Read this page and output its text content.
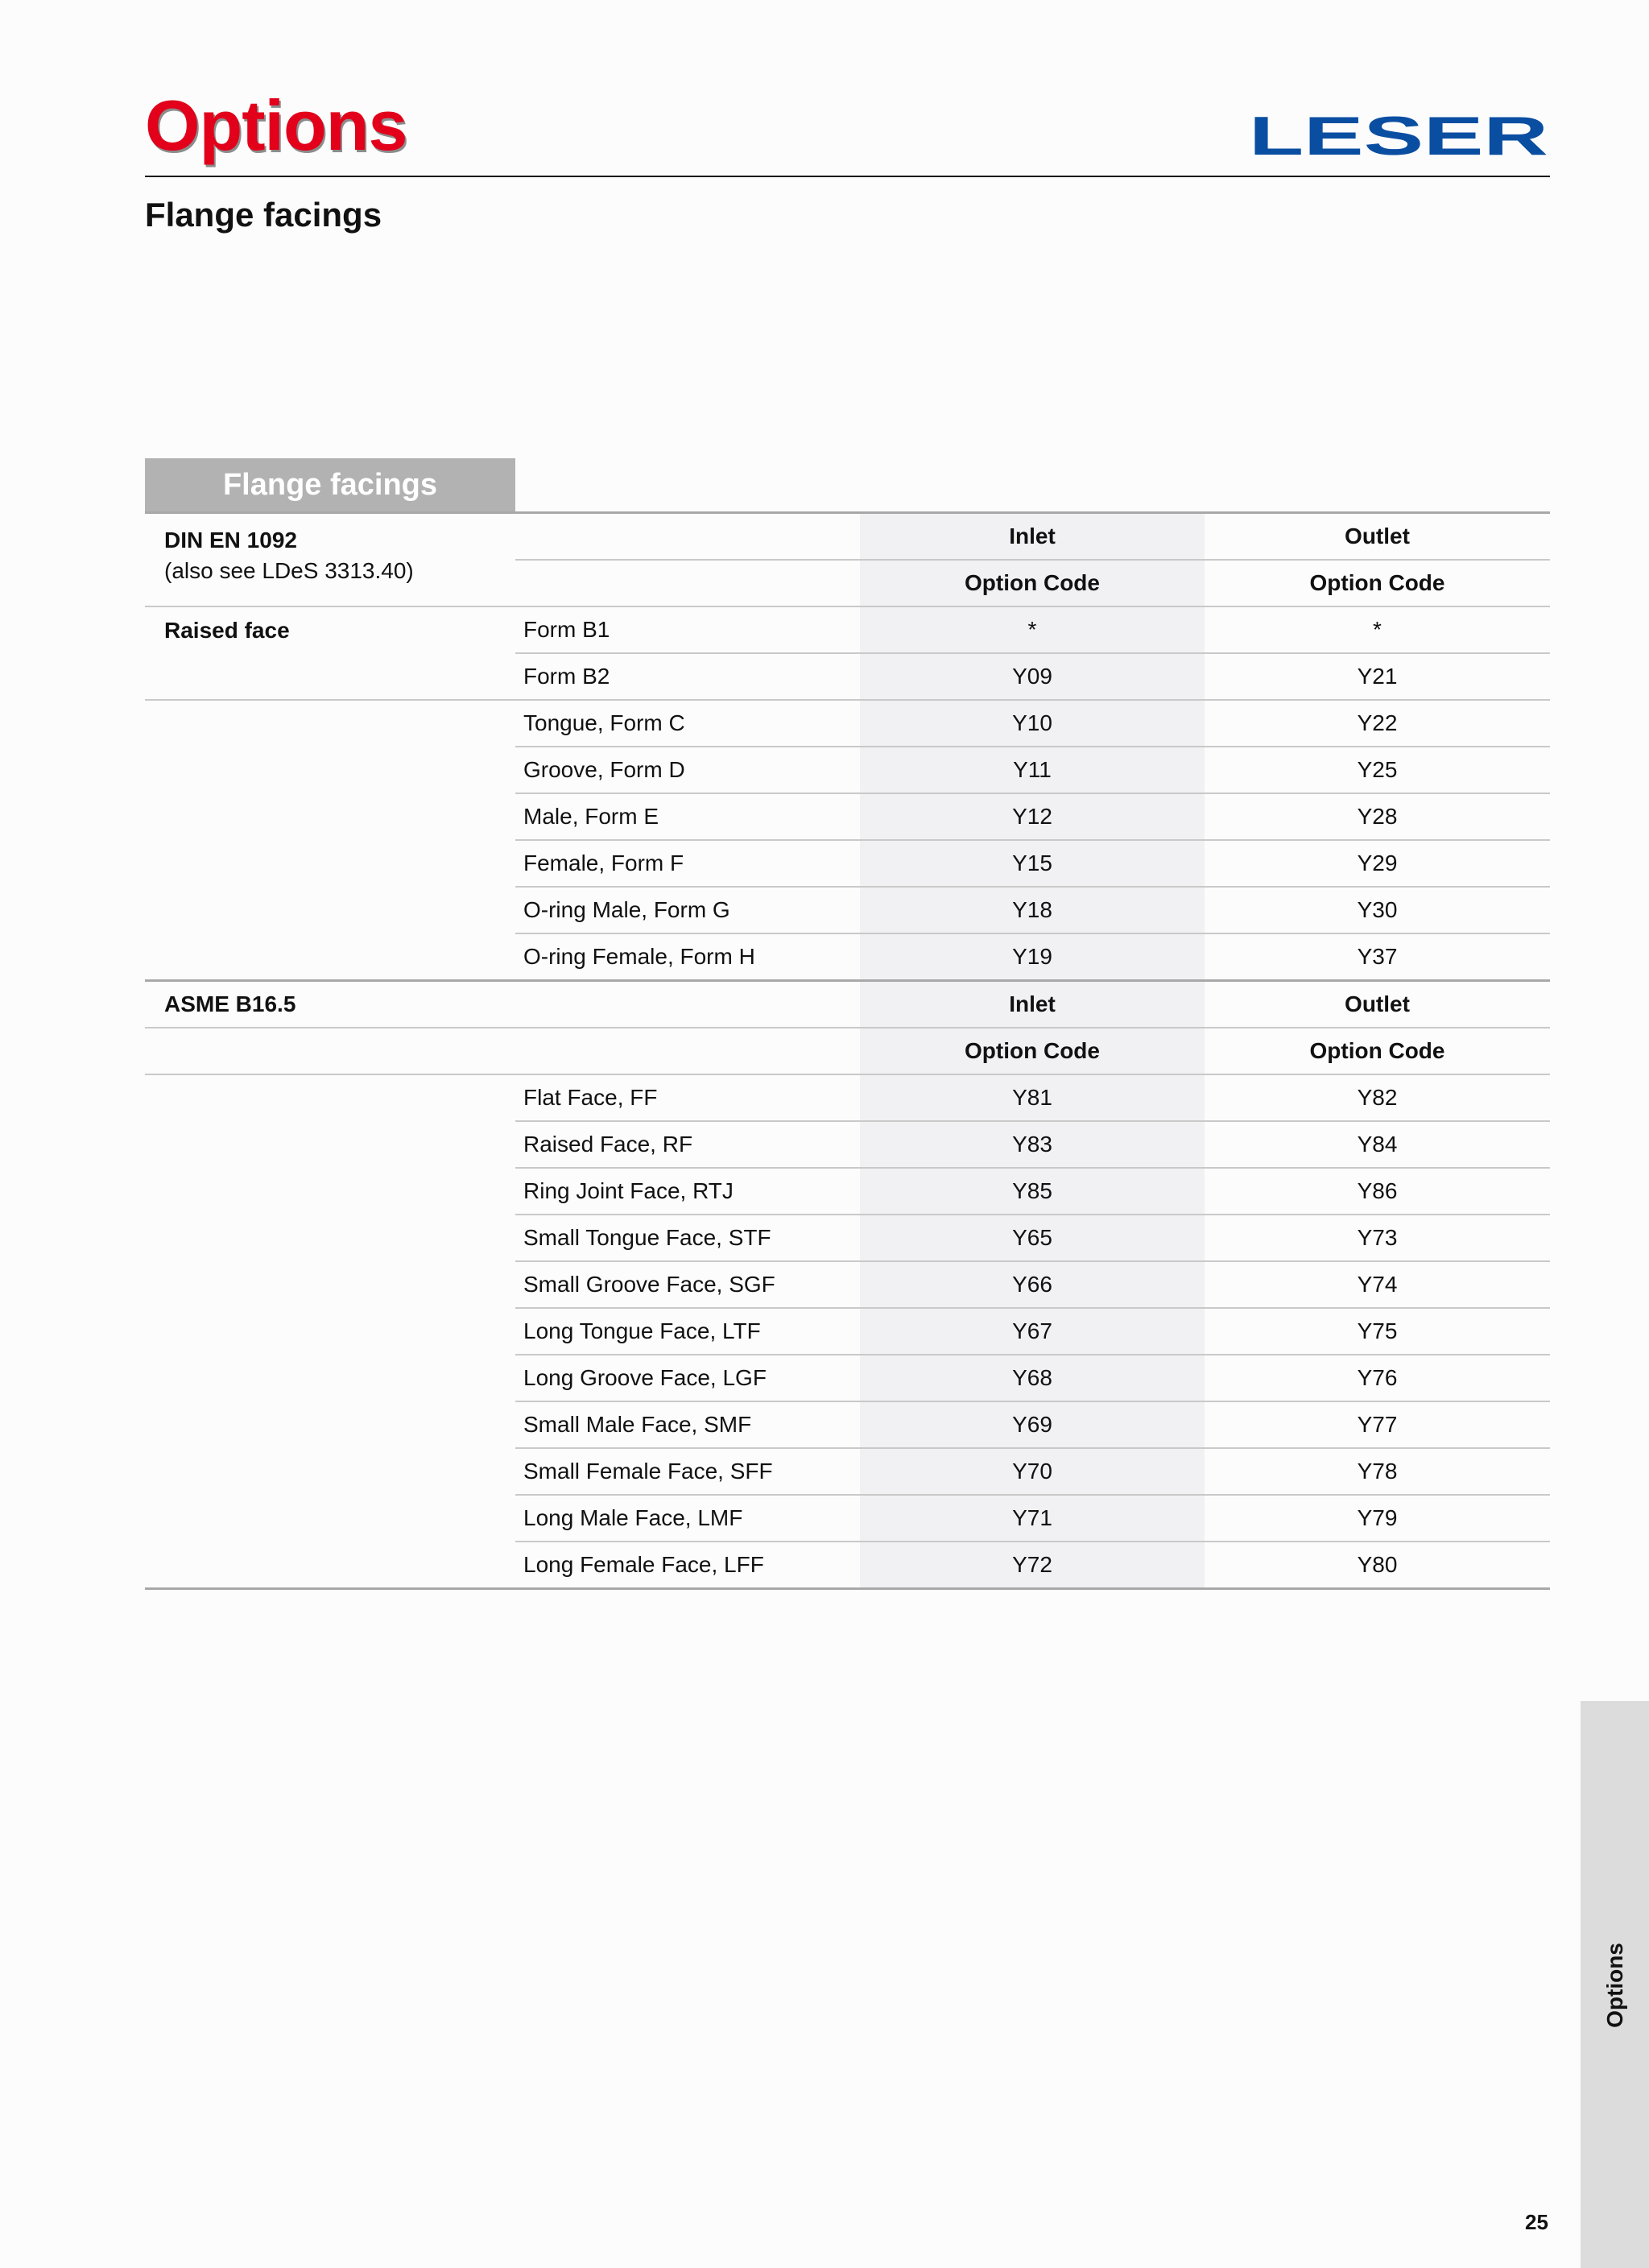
Options	LESER
Flange facings
Flange facings
DIN EN 1092
(also see LDeS 3313.40)		Inlet	Outlet
		Option Code	Option Code
Raised face	Form B1	*	*
	Form B2	Y09	Y21
	Tongue, Form C	Y10	Y22
	Groove, Form D	Y11	Y25
	Male, Form E	Y12	Y28
	Female, Form F	Y15	Y29
	O-ring Male, Form G	Y18	Y30
	O-ring Female, Form H	Y19	Y37
ASME B16.5		Inlet	Outlet
		Option Code	Option Code
	Flat Face, FF	Y81	Y82
	Raised Face, RF	Y83	Y84
	Ring Joint Face, RTJ	Y85	Y86
	Small Tongue Face, STF	Y65	Y73
	Small Groove Face, SGF	Y66	Y74
	Long Tongue Face, LTF	Y67	Y75
	Long Groove Face, LGF	Y68	Y76
	Small Male Face, SMF	Y69	Y77
	Small Female Face, SFF	Y70	Y78
	Long Male Face, LMF	Y71	Y79
	Long Female Face, LFF	Y72	Y80
Options
25
